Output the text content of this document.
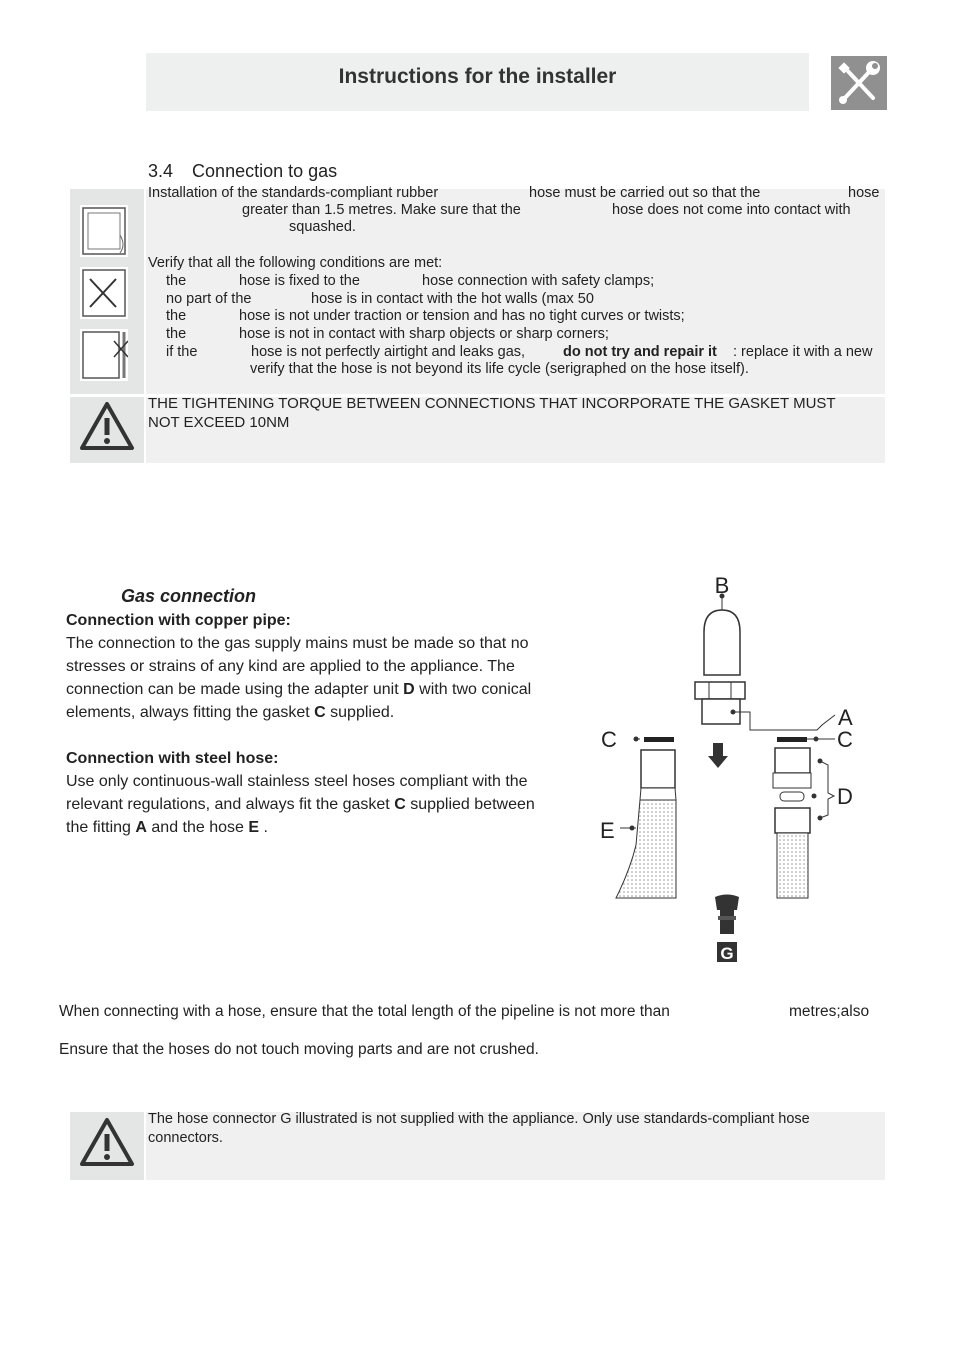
Instructions for the installer
3.4 Connection to gas
Installation of the standards-compliant rubber	hose must be carried out so that the	hose
greater than 1.5 metres. Make sure that the	hose does not come into contact with
squashed.
Verify that all the following conditions are met:
the	hose is fixed to the	hose connection with safety clamps;
no part of the	hose is in contact with the hot walls (max 50
the	hose is not under traction or tension and has no tight curves or twists;
the	hose is not in contact with sharp objects or sharp corners;
if the	hose is not perfectly airtight and leaks gas,	do not try and repair it : replace it with a new
verify that the hose is not beyond its life cycle (serigraphed on the hose itself).
THE TIGHTENING TORQUE BETWEEN CONNECTIONS THAT INCORPORATE THE GASKET MUST
NOT EXCEED 10NM
Gas connection
Connection with copper pipe:
The connection to the gas supply mains must be made so that no
stresses or strains of any kind are applied to the appliance. The
connection can be made using the adapter unit D with two conical
elements, always fitting the gasket C supplied.
Connection with steel hose:
Use only continuous-wall stainless steel hoses compliant with the
relevant regulations, and always fit the gasket C supplied between
the fitting A and the hose E .
B
A
C	C
D
E
G
When connecting with a hose, ensure that the total length of the pipeline is not more than	metres;also
Ensure that the hoses do not touch moving parts and are not crushed.
The hose connector G illustrated is not supplied with the appliance. Only use standards-compliant hose
connectors.
